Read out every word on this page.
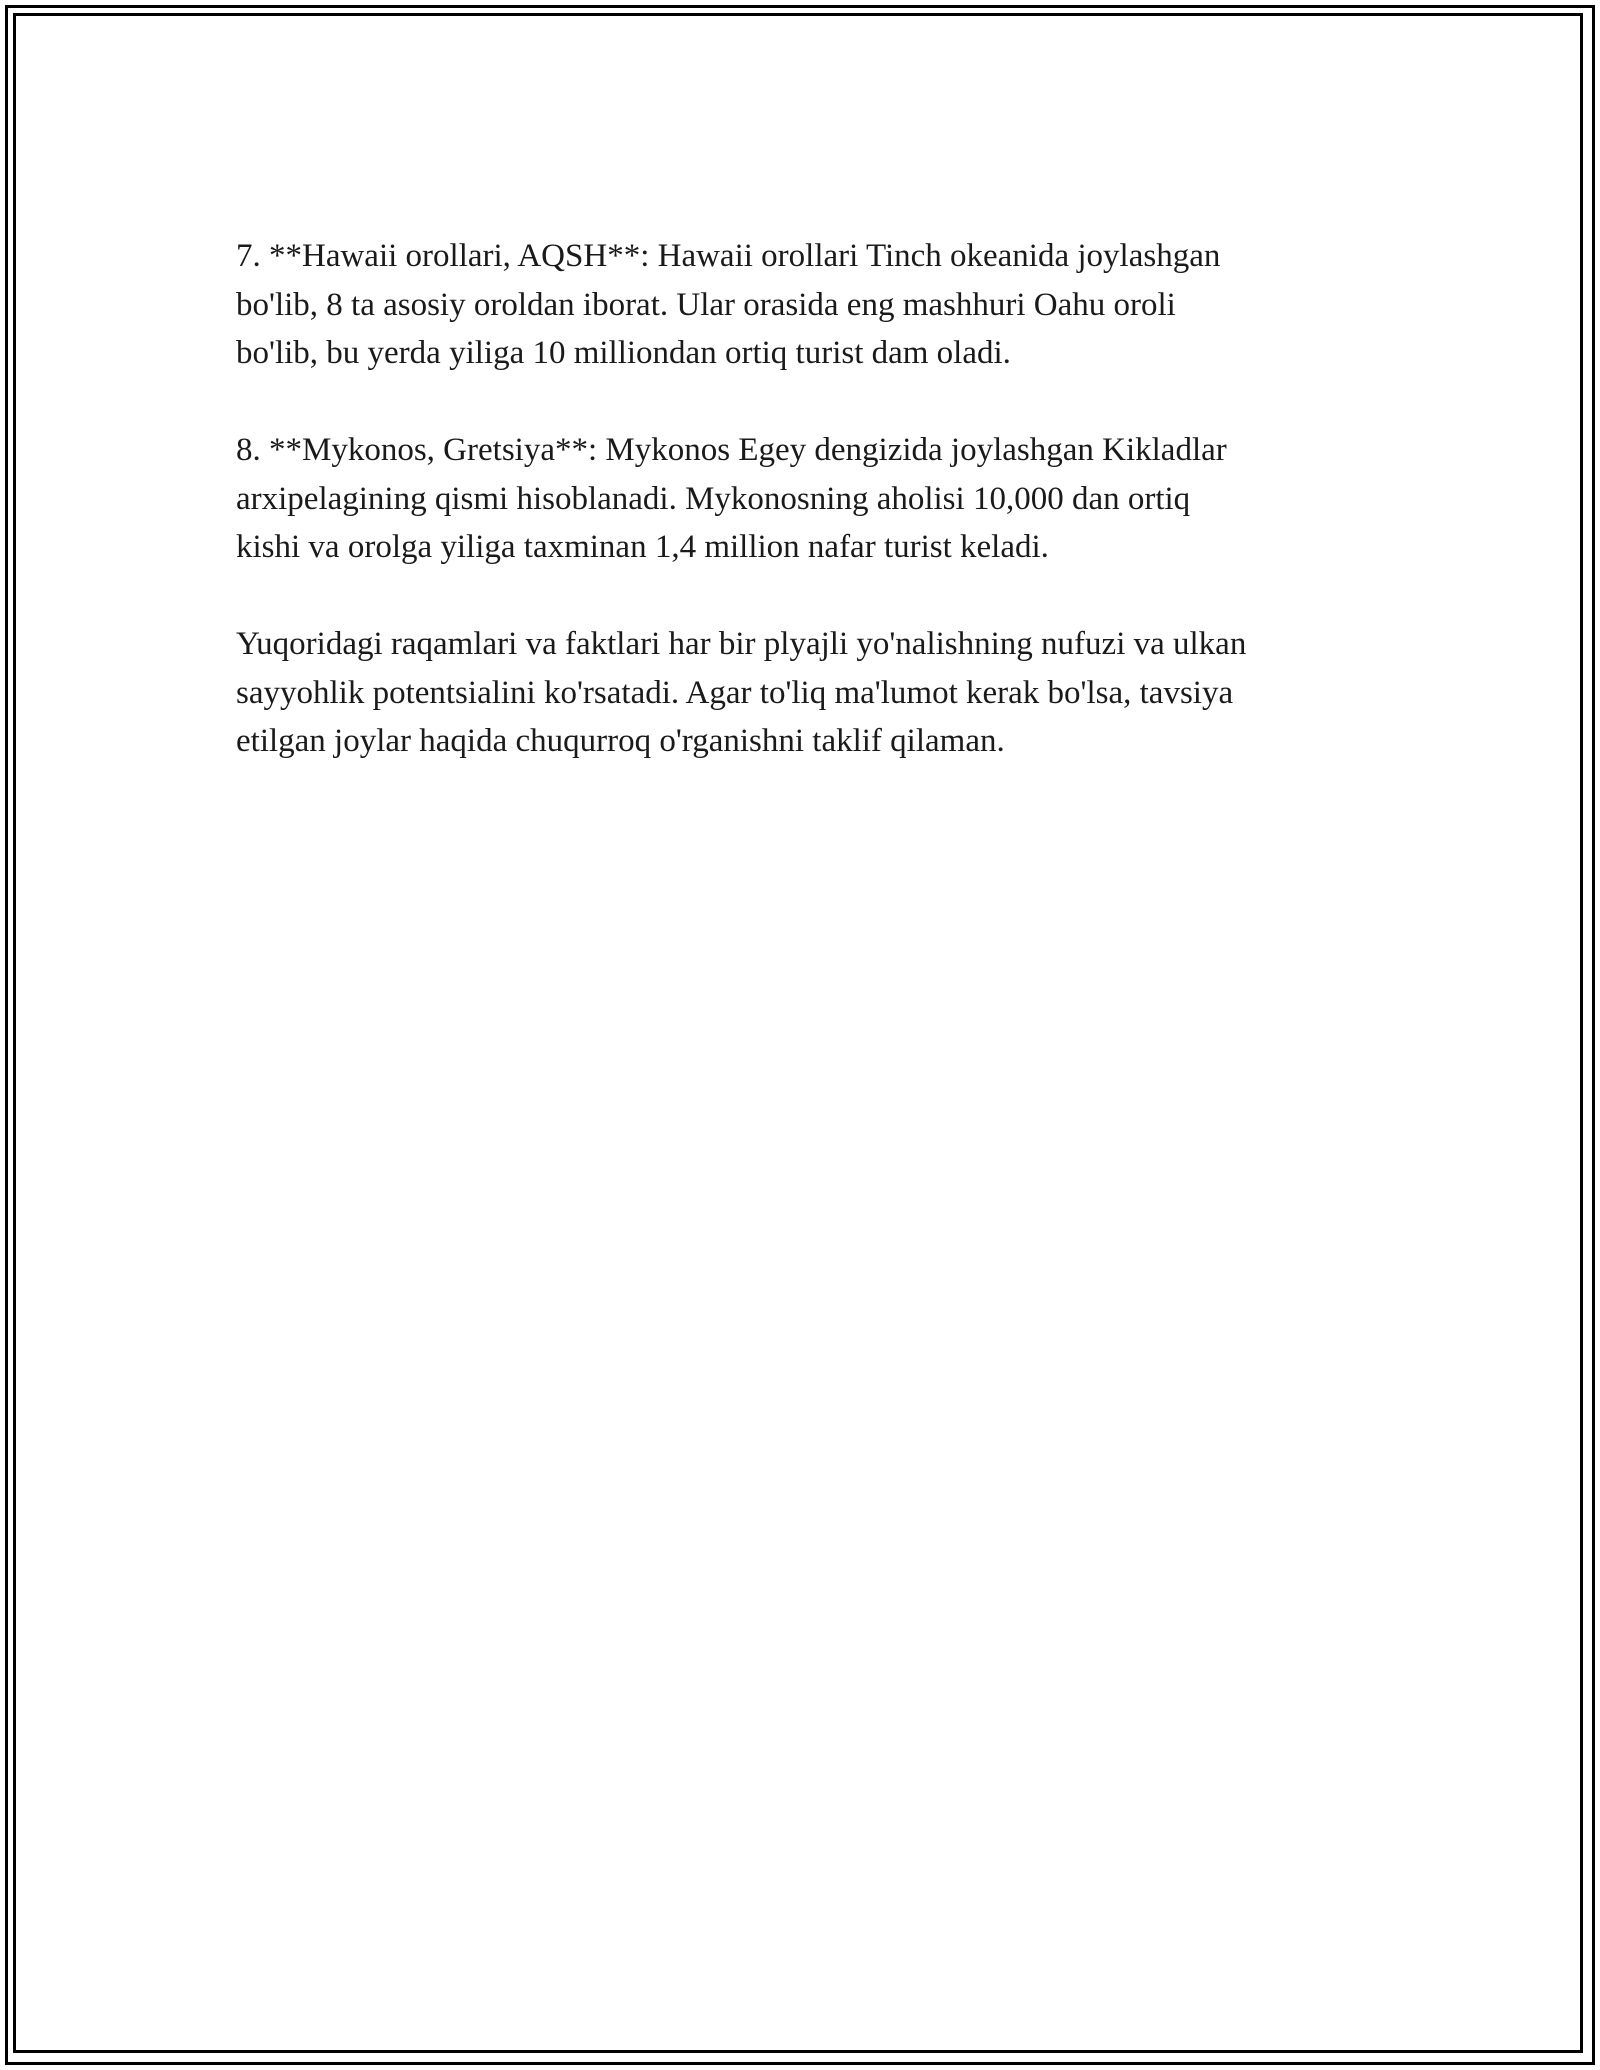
7. **Hawaii orollari, AQSH**: Hawaii orollari Tinch okeanida joylashgan
bo'lib, 8 ta asosiy oroldan iborat. Ular orasida eng mashhuri Oahu oroli
bo'lib, bu yerda yiliga 10 milliondan ortiq turist dam oladi.

8. **Mykonos, Gretsiya**: Mykonos Egey dengizida joylashgan Kikladlar
arxipelagining qismi hisoblanadi. Mykonosning aholisi 10,000 dan ortiq
kishi va orolga yiliga taxminan 1,4 million nafar turist keladi.

Yuqoridagi raqamlari va faktlari har bir plyajli yo'nalishning nufuzi va ulkan
sayyohlik potentsialini ko'rsatadi. Agar to'liq ma'lumot kerak bo'lsa, tavsiya
etilgan joylar haqida chuqurroq o'rganishni taklif qilaman.
